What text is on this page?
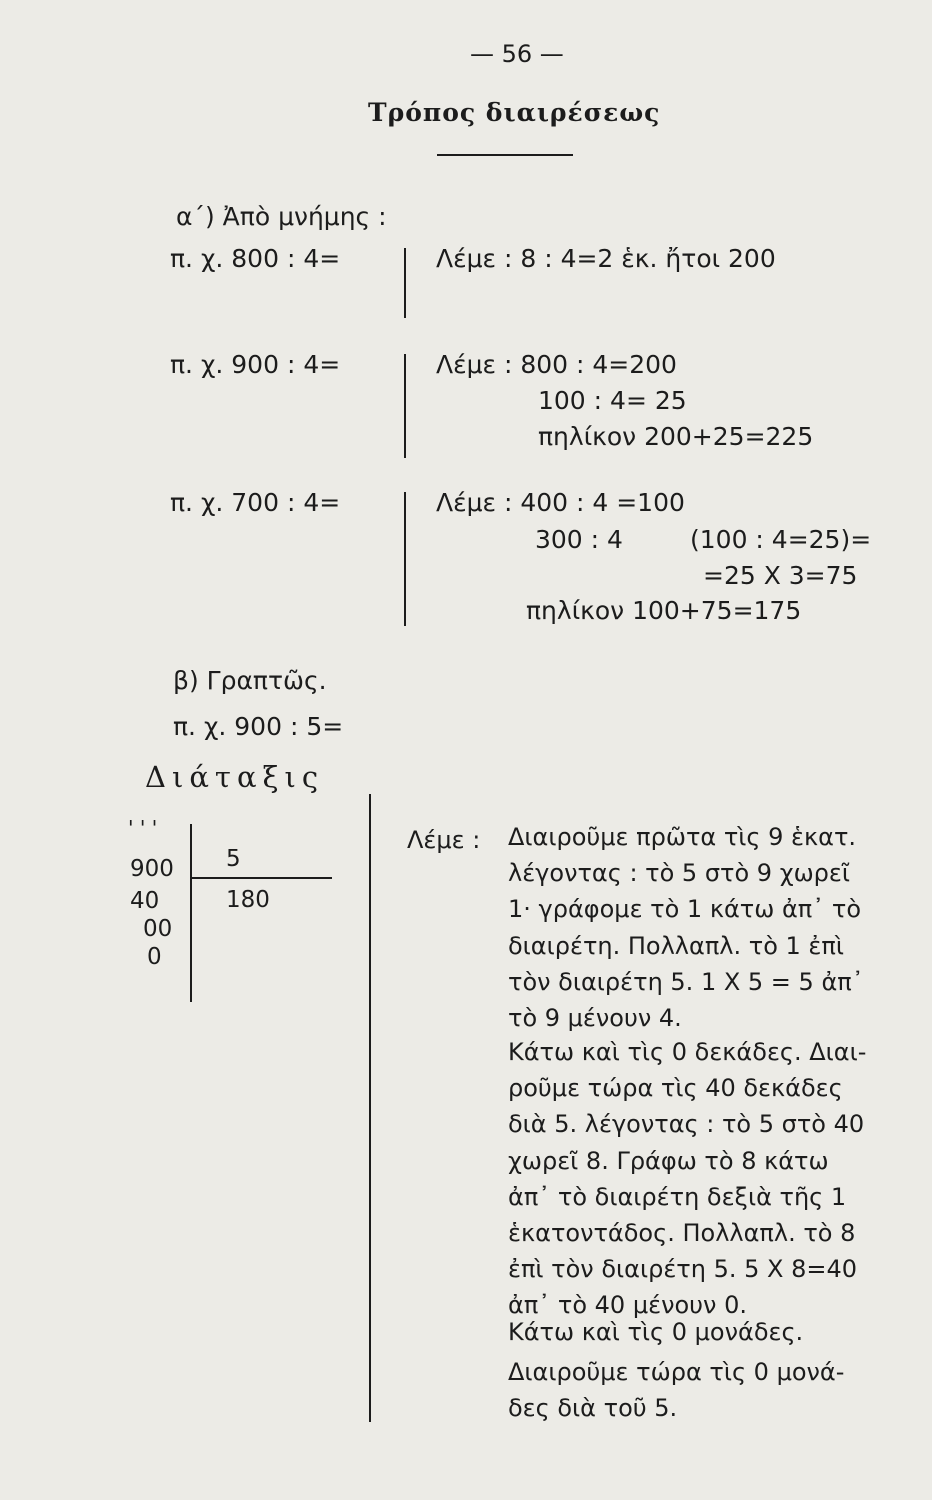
— 56 —
Τρόπος διαιρέσεως
α΄) Ἀπὸ μνήμης :
π. χ. 800 : 4=	Λέμε : 8 : 4=2 ἑκ. ἤτοι 200
π. χ. 900 : 4=	Λέμε : 800 : 4=200
100 : 4= 25
πηλίκον 200+25=225
π. χ. 700 : 4=	Λέμε : 400 : 4 =100
300 : 4	(100 : 4=25)=
=25 X 3=75
πηλίκον 100+75=175
β) Γραπτῶς.
π. χ. 900 : 5=
Διάταξις
' ' '
900
40
00
0
5
180
Λέμε : Διαιροῦμε πρῶτα τὶς 9 ἑκατ.
λέγοντας : τὸ 5 στὸ 9 χωρεῖ
1· γράφομε τὸ 1 κάτω ἀπ᾽ τὸ
διαιρέτη. Πολλαπλ. τὸ 1 ἐπὶ
τὸν διαιρέτη 5. 1 X 5 = 5 ἀπ᾽
τὸ 9 μένουν 4.
Κάτω καὶ τὶς 0 δεκάδες. Διαι-
ροῦμε τώρα τὶς 40 δεκάδες
διὰ 5. λέγοντας : τὸ 5 στὸ 40
χωρεῖ 8. Γράφω τὸ 8 κάτω
ἀπ᾽ τὸ διαιρέτη δεξιὰ τῆς 1
ἑκατοντάδος. Πολλαπλ. τὸ 8
ἐπὶ τὸν διαιρέτη 5. 5 X 8=40
ἀπ᾽ τὸ 40 μένουν 0.
Κάτω καὶ τὶς 0 μονάδες.
Διαιροῦμε τώρα τὶς 0 μονά-
δες διὰ τοῦ 5.
